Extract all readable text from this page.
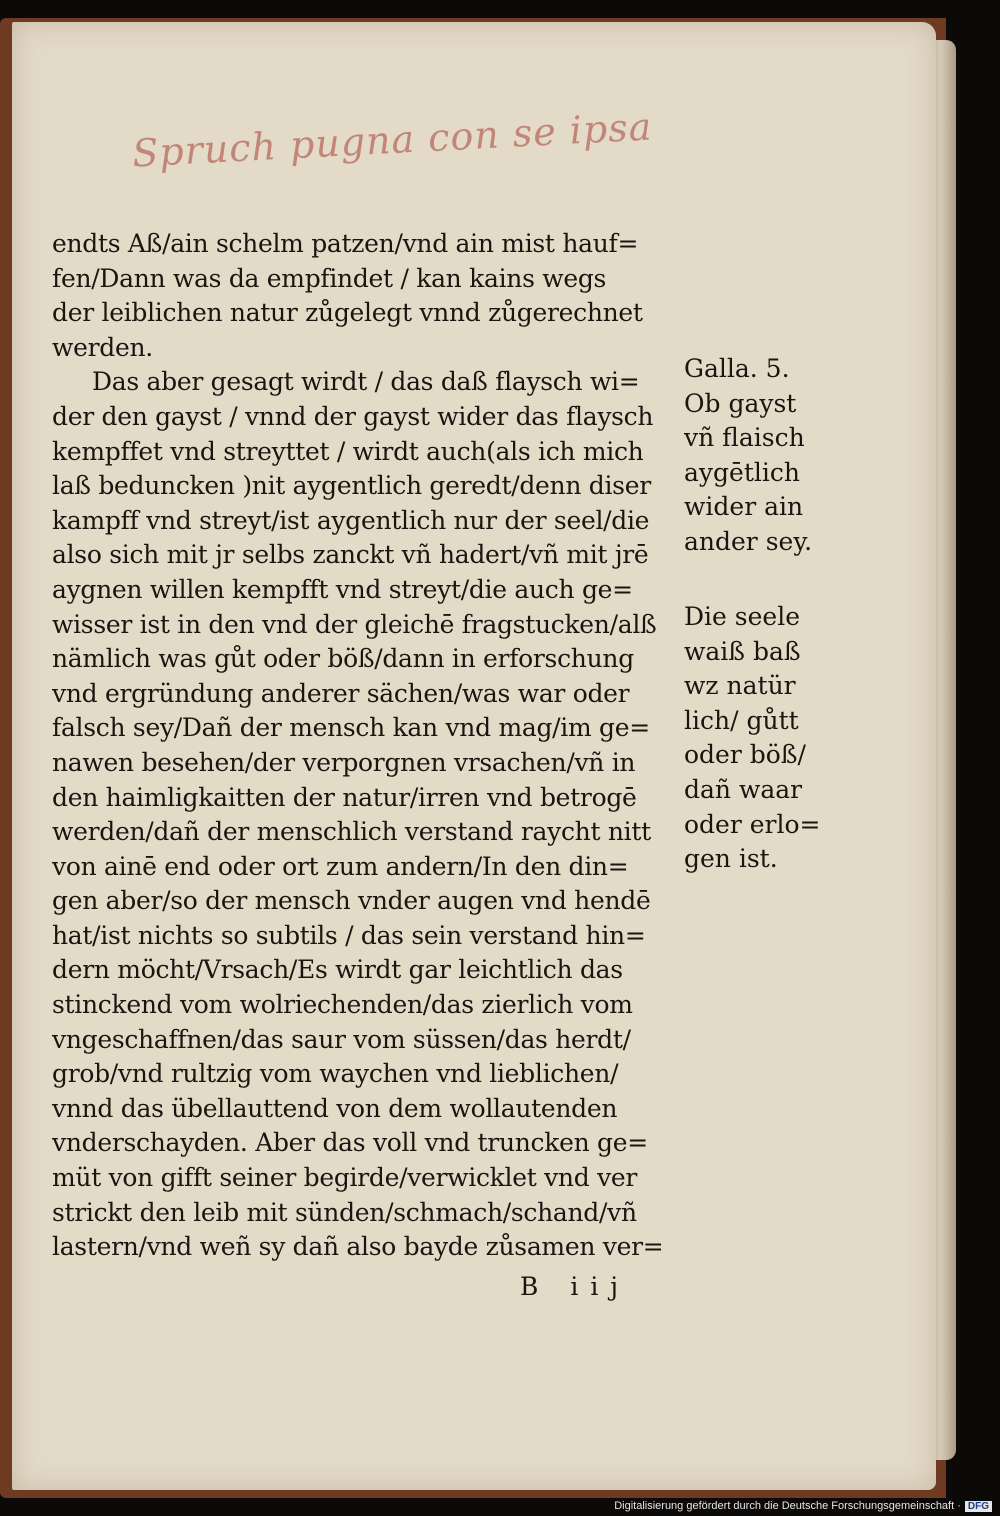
Spruch pugna con se ipsa
endts Aß/ain schelm patzen/vnd ain mist hauf=
fen/Dann was da empfindet / kan kains wegs
der leiblichen natur zůgelegt vnnd zůgerechnet
werden.
Das aber gesagt wirdt / das daß flaysch wi=
der den gayst / vnnd der gayst wider das flaysch
kempffet vnd streyttet / wirdt auch(als ich mich
laß beduncken )nit aygentlich geredt/denn diser
kampff vnd streyt/ist aygentlich nur der seel/die
also sich mit jr selbs zanckt vñ hadert/vñ mit jrē
aygnen willen kempfft vnd streyt/die auch ge=
wisser ist in den vnd der gleichē fragstucken/alß
nämlich was gůt oder böß/dann in erforschung
vnd ergründung anderer sächen/was war oder
falsch sey/Dañ der mensch kan vnd mag/im ge=
nawen besehen/der verporgnen vrsachen/vñ in
den haimligkaitten der natur/irren vnd betrogē
werden/dañ der menschlich verstand raycht nitt
von ainē end oder ort zum andern/In den din=
gen aber/so der mensch vnder augen vnd hendē
hat/ist nichts so subtils / das sein verstand hin=
dern möcht/Vrsach/Es wirdt gar leichtlich das
stinckend vom wolriechenden/das zierlich vom
vngeschaffnen/das saur vom süssen/das herdt/
grob/vnd rultzig vom waychen vnd lieblichen/
vnnd das übellauttend von dem wollautenden
vnderschayden. Aber das voll vnd truncken ge=
müt von gifft seiner begirde/verwicklet vnd ver
strickt den leib mit sünden/schmach/schand/vñ
lastern/vnd weñ sy dañ also bayde zůsamen ver=
Galla. 5.
Ob gayst
vñ flaisch
aygētlich
wider ain
ander sey.
Die seele
waiß baß
wz natür
lich/ gůtt
oder böß/
dañ waar
oder erlo=
gen ist.
B iij
Digitalisierung gefördert durch die Deutsche Forschungsgemeinschaft · DFG
